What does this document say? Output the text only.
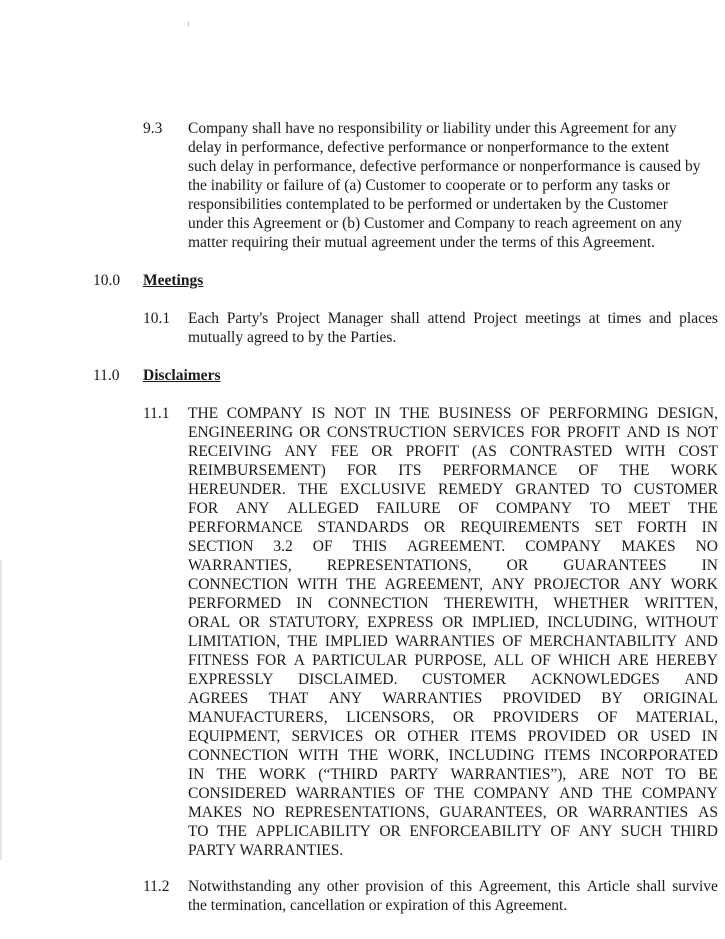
9.3 Company shall have no responsibility or liability under this Agreement for any
delay in performance, defective performance or nonperformance to the extent
such delay in performance, defective performance or nonperformance is caused by
the inability or failure of (a) Customer to cooperate or to perform any tasks or
responsibilities contemplated to be performed or undertaken by the Customer
under this Agreement or (b) Customer and Company to reach agreement on any
matter requiring their mutual agreement under the terms of this Agreement.
10.0 Meetings
10.1 Each Party's Project Manager shall attend Project meetings at times and places
mutually agreed to by the Parties.
11.0 Disclaimers
11.1 THE COMPANY IS NOT IN THE BUSINESS OF PERFORMING DESIGN,
ENGINEERING OR CONSTRUCTION SERVICES FOR PROFIT AND IS NOT
RECEIVING ANY FEE OR PROFIT (AS CONTRASTED WITH COST
REIMBURSEMENT) FOR ITS PERFORMANCE OF THE WORK
HEREUNDER. THE EXCLUSIVE REMEDY GRANTED TO CUSTOMER
FOR ANY ALLEGED FAILURE OF COMPANY TO MEET THE
PERFORMANCE STANDARDS OR REQUIREMENTS SET FORTH IN
SECTION 3.2 OF THIS AGREEMENT. COMPANY MAKES NO
WARRANTIES, REPRESENTATIONS, OR GUARANTEES IN
CONNECTION WITH THE AGREEMENT, ANY PROJECTOR ANY WORK
PERFORMED IN CONNECTION THEREWITH, WHETHER WRITTEN,
ORAL OR STATUTORY, EXPRESS OR IMPLIED, INCLUDING, WITHOUT
LIMITATION, THE IMPLIED WARRANTIES OF MERCHANTABILITY AND
FITNESS FOR A PARTICULAR PURPOSE, ALL OF WHICH ARE HEREBY
EXPRESSLY DISCLAIMED. CUSTOMER ACKNOWLEDGES AND
AGREES THAT ANY WARRANTIES PROVIDED BY ORIGINAL
MANUFACTURERS, LICENSORS, OR PROVIDERS OF MATERIAL,
EQUIPMENT, SERVICES OR OTHER ITEMS PROVIDED OR USED IN
CONNECTION WITH THE WORK, INCLUDING ITEMS INCORPORATED
IN THE WORK (“THIRD PARTY WARRANTIES”), ARE NOT TO BE
CONSIDERED WARRANTIES OF THE COMPANY AND THE COMPANY
MAKES NO REPRESENTATIONS, GUARANTEES, OR WARRANTIES AS
TO THE APPLICABILITY OR ENFORCEABILITY OF ANY SUCH THIRD
PARTY WARRANTIES.
11.2 Notwithstanding any other provision of this Agreement, this Article shall survive
the termination, cancellation or expiration of this Agreement.
